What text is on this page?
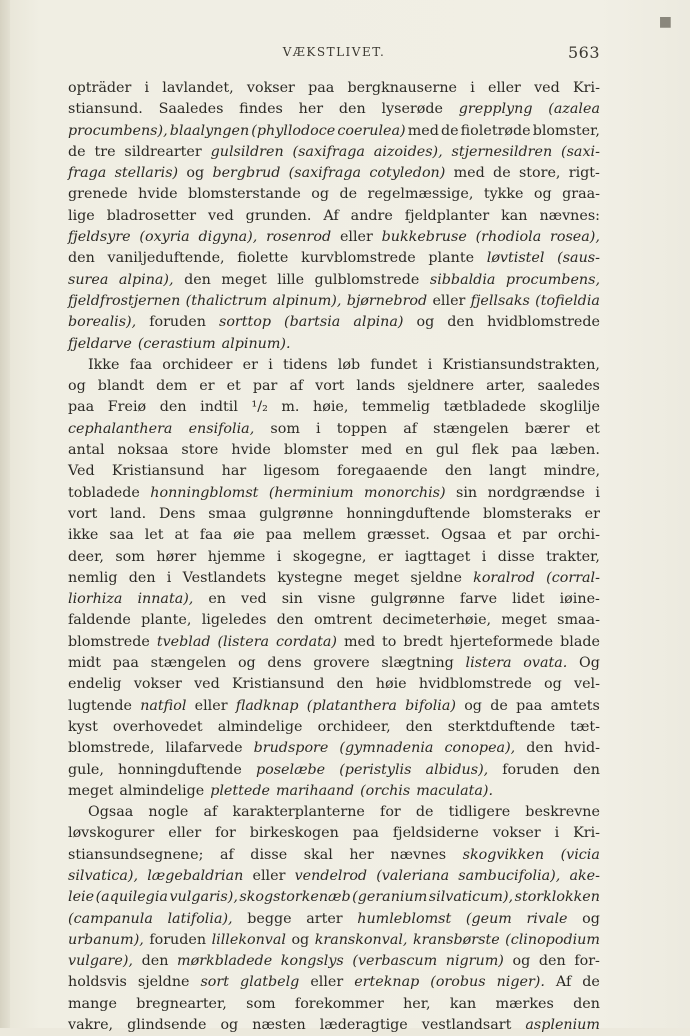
■
VÆKSTLIVET.	563
opträder i lavlandet, vokser paa bergknauserne i eller ved Kri-
stiansund. Saaledes findes her den lyserøde grepplyng (azalea
procumbens), blaalyngen (phyllodoce coerulea) med de fioletrøde blomster,
de tre sildrearter gulsildren (saxifraga aizoides), stjernesildren (saxi-
fraga stellaris) og bergbrud (saxifraga cotyledon) med de store, rigt-
grenede hvide blomsterstande og de regelmæssige, tykke og graa-
lige bladrosetter ved grunden. Af andre fjeldplanter kan nævnes:
fjeldsyre (oxyria digyna), rosenrod eller bukkebruse (rhodiola rosea),
den vaniljeduftende, fiolette kurvblomstrede plante løvtistel (saus-
surea alpina), den meget lille gulblomstrede sibbaldia procumbens,
fjeldfrostjernen (thalictrum alpinum), bjørnebrod eller fjellsaks (tofieldia
borealis), foruden sorttop (bartsia alpina) og den hvidblomstrede
fjeldarve (cerastium alpinum).
Ikke faa orchideer er i tidens løb fundet i Kristiansundstrakten,
og blandt dem er et par af vort lands sjeldnere arter, saaledes
paa Freiø den indtil ¹/₂ m. høie, temmelig tætbladede skoglilje
cephalanthera ensifolia, som i toppen af stængelen bærer et
antal noksaa store hvide blomster med en gul flek paa læben.
Ved Kristiansund har ligesom foregaaende den langt mindre,
tobladede honningblomst (herminium monorchis) sin nordgrændse i
vort land. Dens smaa gulgrønne honningduftende blomsteraks er
ikke saa let at faa øie paa mellem græsset. Ogsaa et par orchi-
deer, som hører hjemme i skogegne, er iagttaget i disse trakter,
nemlig den i Vestlandets kystegne meget sjeldne koralrod (corral-
liorhiza innata), en ved sin visne gulgrønne farve lidet iøine-
faldende plante, ligeledes den omtrent decimeterhøie, meget smaa-
blomstrede tveblad (listera cordata) med to bredt hjerteformede blade
midt paa stængelen og dens grovere slægtning listera ovata. Og
endelig vokser ved Kristiansund den høie hvidblomstrede og vel-
lugtende natfiol eller fladknap (platanthera bifolia) og de paa amtets
kyst overhovedet almindelige orchideer, den sterktduftende tæt-
blomstrede, lilafarvede brudspore (gymnadenia conopea), den hvid-
gule, honningduftende poselæbe (peristylis albidus), foruden den
meget almindelige plettede marihaand (orchis maculata).
Ogsaa nogle af karakterplanterne for de tidligere beskrevne
løvskogurer eller for birkeskogen paa fjeldsiderne vokser i Kri-
stiansundsegnene; af disse skal her nævnes skogvikken (vicia
silvatica), lægebaldrian eller vendelrod (valeriana sambucifolia), ake-
leie (aquilegia vulgaris), skogstorkenæb (geranium silvaticum), storklokken
(campanula latifolia), begge arter humleblomst (geum rivale og
urbanum), foruden lillekonval og kranskonval, kransbørste (clinopodium
vulgare), den mørkbladede kongslys (verbascum nigrum) og den for-
holdsvis sjeldne sort glatbelg eller erteknap (orobus niger). Af de
mange bregnearter, som forekommer her, kan mærkes den
vakre, glindsende og næsten læderagtige vestlandsart asplenium
